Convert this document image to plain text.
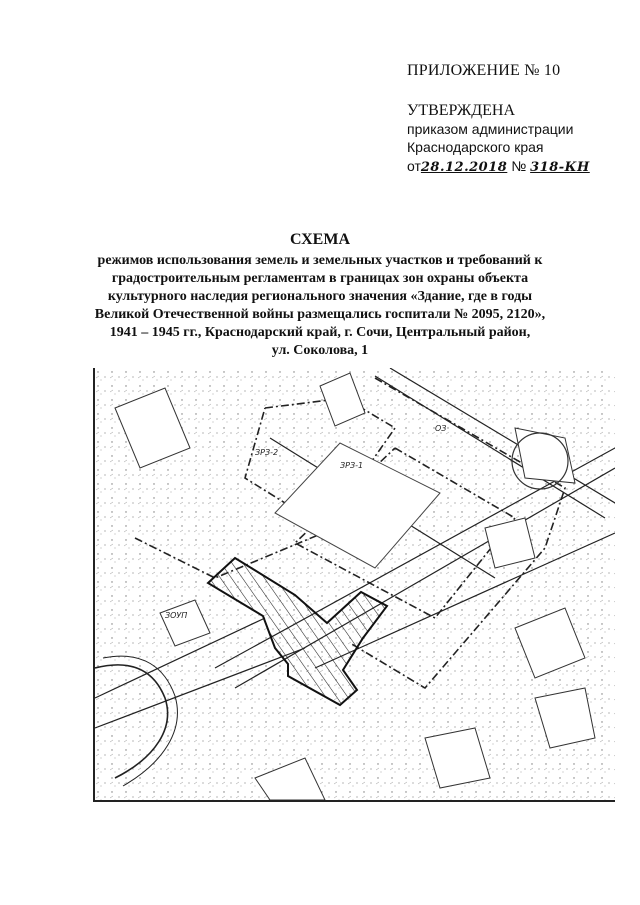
ПРИЛОЖЕНИЕ № 10
УТВЕРЖДЕНА
приказом администрации
Краснодарского края
от28.12.2018 № 318-КН
СХЕМА
режимов использования земель и земельных участков и требований к
градостроительным регламентам в границах зон охраны объекта
культурного наследия регионального значения «Здание, где в годы
Великой Отечественной войны размещались госпитали № 2095, 2120»,
1941 – 1945 гг., Краснодарский край, г. Сочи, Центральный район,
ул. Соколова, 1
ЗОУП
ЗРЗ-1
ЗРЗ-2
ОЗ
